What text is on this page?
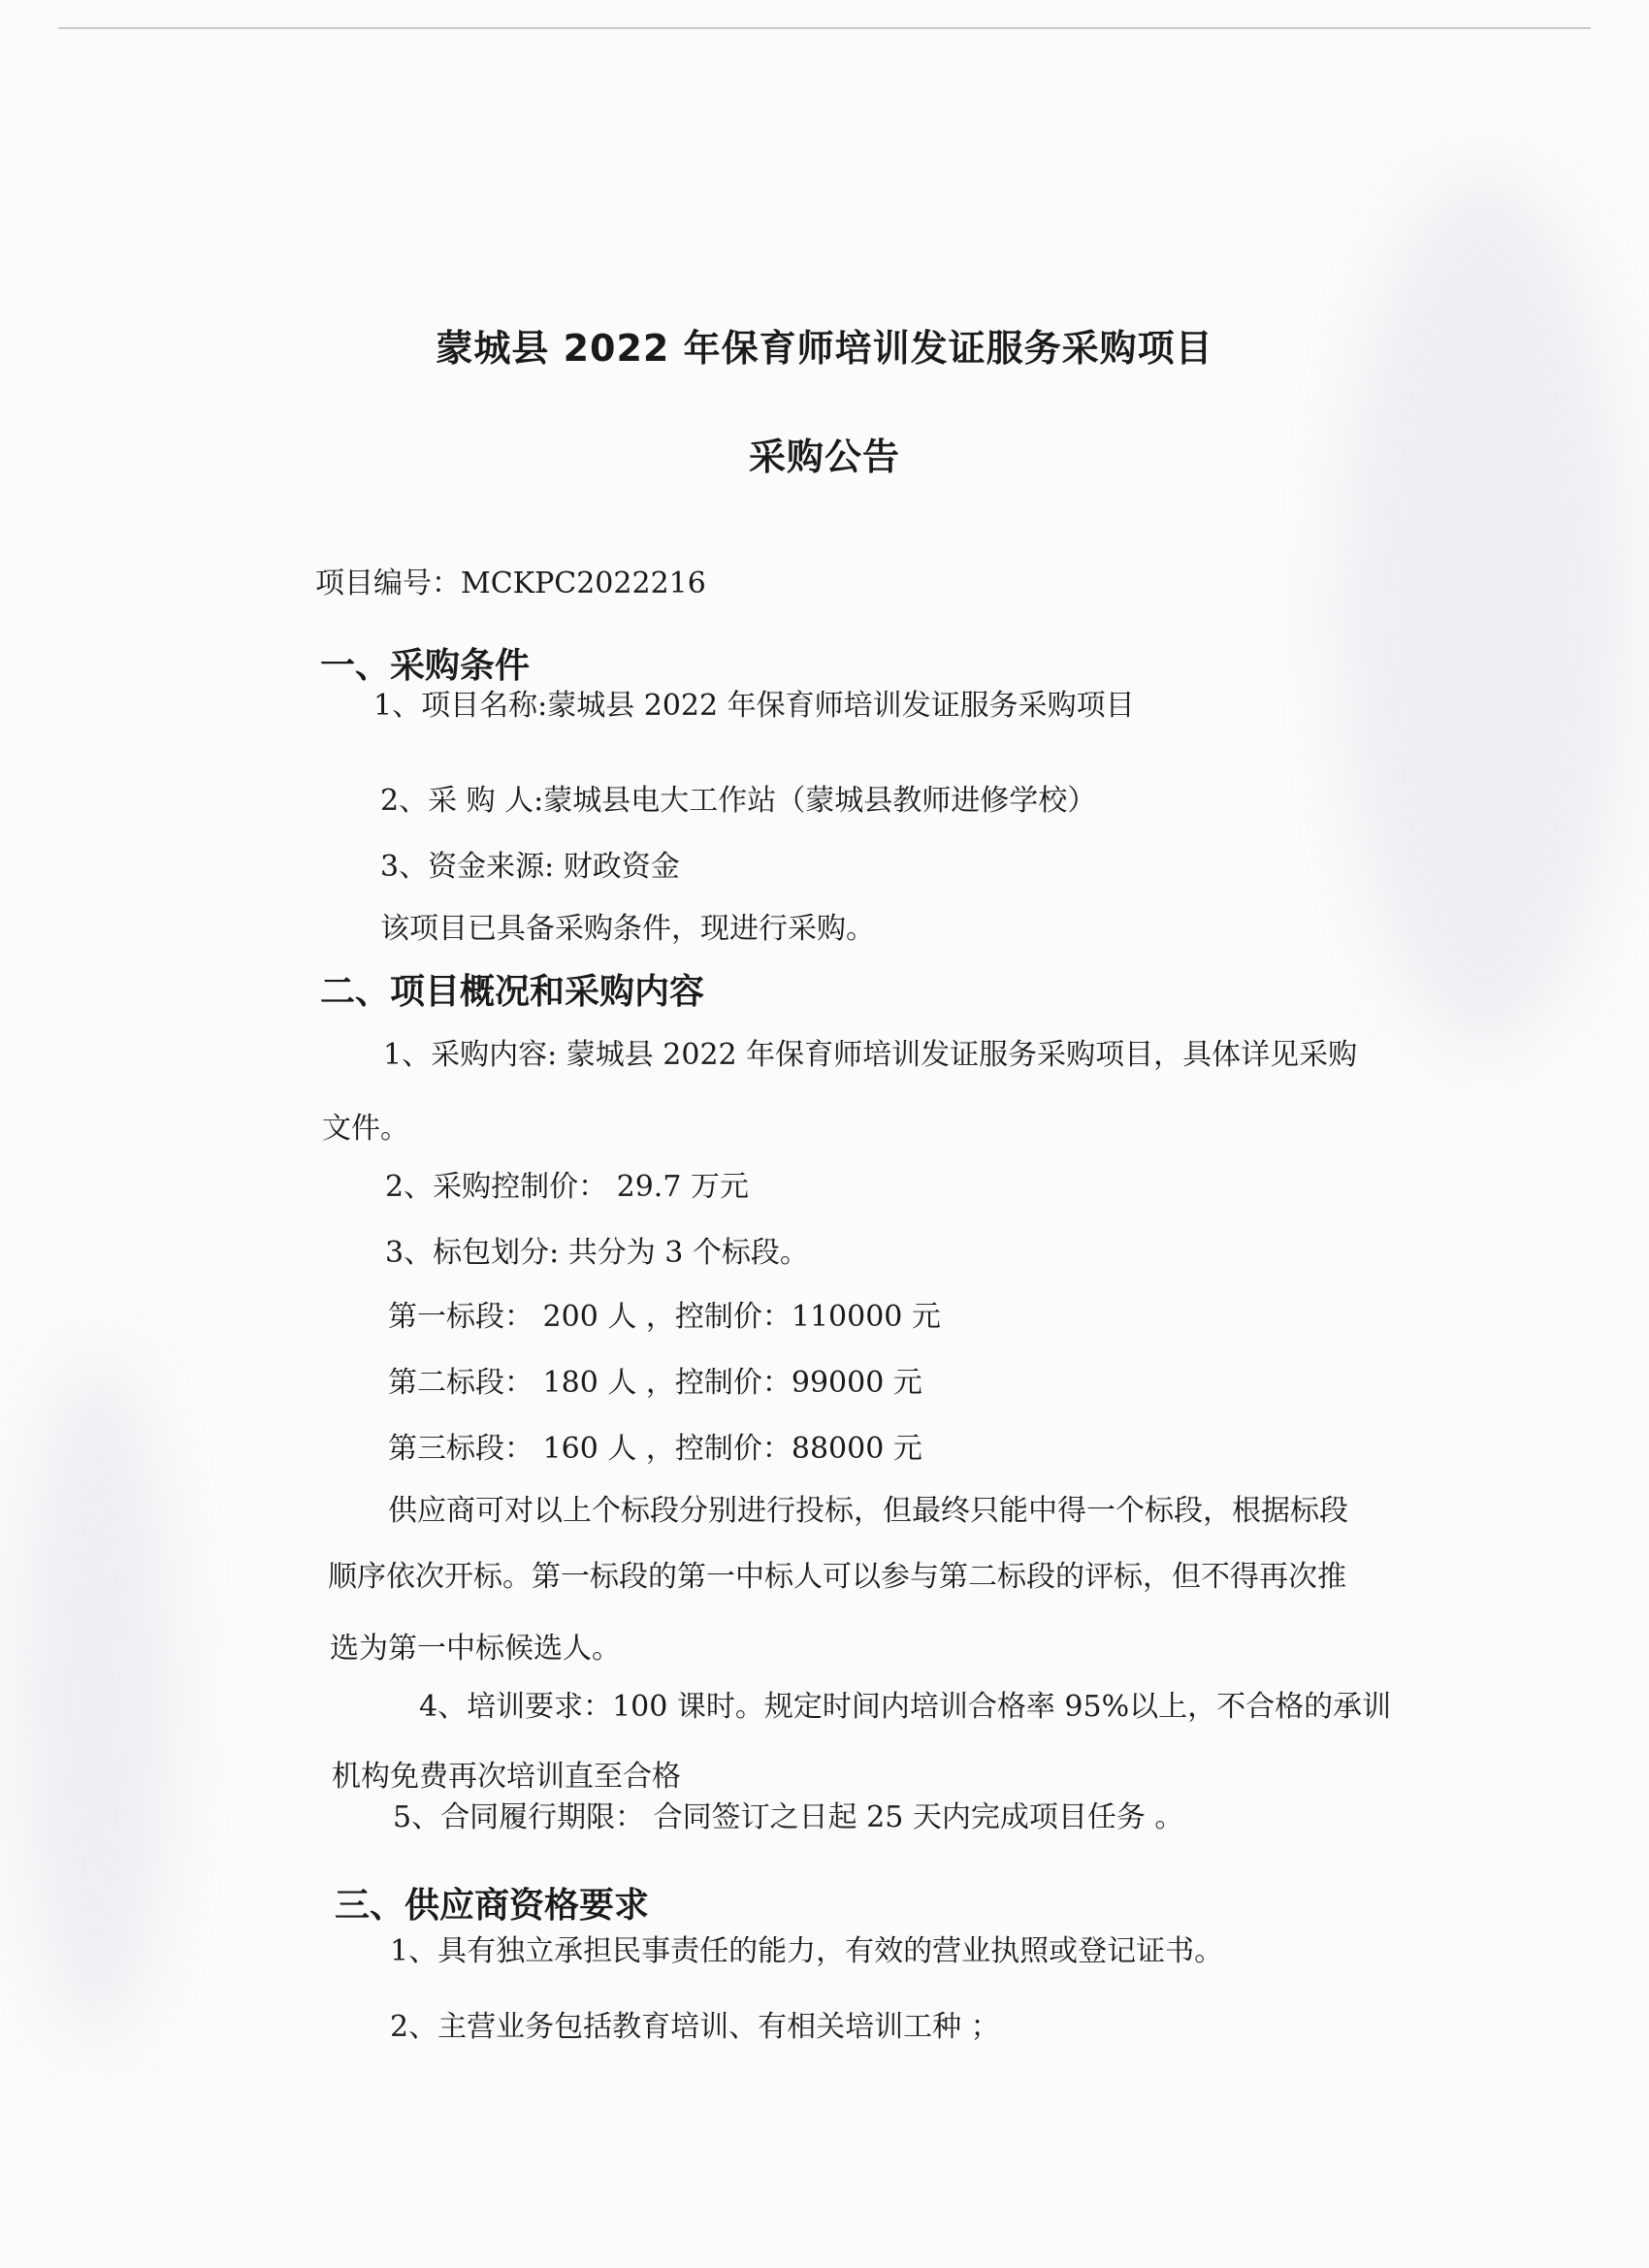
蒙城县 2022 年保育师培训发证服务采购项目
采购公告
项目编号：MCKPC2022216
一、采购条件
1、项目名称:蒙城县 2022 年保育师培训发证服务采购项目
2、采 购 人:蒙城县电大工作站（蒙城县教师进修学校）
3、资金来源: 财政资金
该项目已具备采购条件，现进行采购。
二、项目概况和采购内容
1、采购内容: 蒙城县 2022 年保育师培训发证服务采购项目，具体详见采购
文件。
2、采购控制价： 29.7 万元
3、标包划分: 共分为 3 个标段。
第一标段： 200 人 ，控制价：110000 元
第二标段： 180 人 ，控制价：99000 元
第三标段： 160 人 ，控制价：88000 元
供应商可对以上个标段分别进行投标，但最终只能中得一个标段，根据标段
顺序依次开标。第一标段的第一中标人可以参与第二标段的评标，但不得再次推
选为第一中标候选人。
4、培训要求：100 课时。规定时间内培训合格率 95%以上，不合格的承训
机构免费再次培训直至合格
5、合同履行期限： 合同签订之日起 25 天内完成项目任务 。
三、供应商资格要求
1、具有独立承担民事责任的能力，有效的营业执照或登记证书。
2、主营业务包括教育培训、有相关培训工种 ；
